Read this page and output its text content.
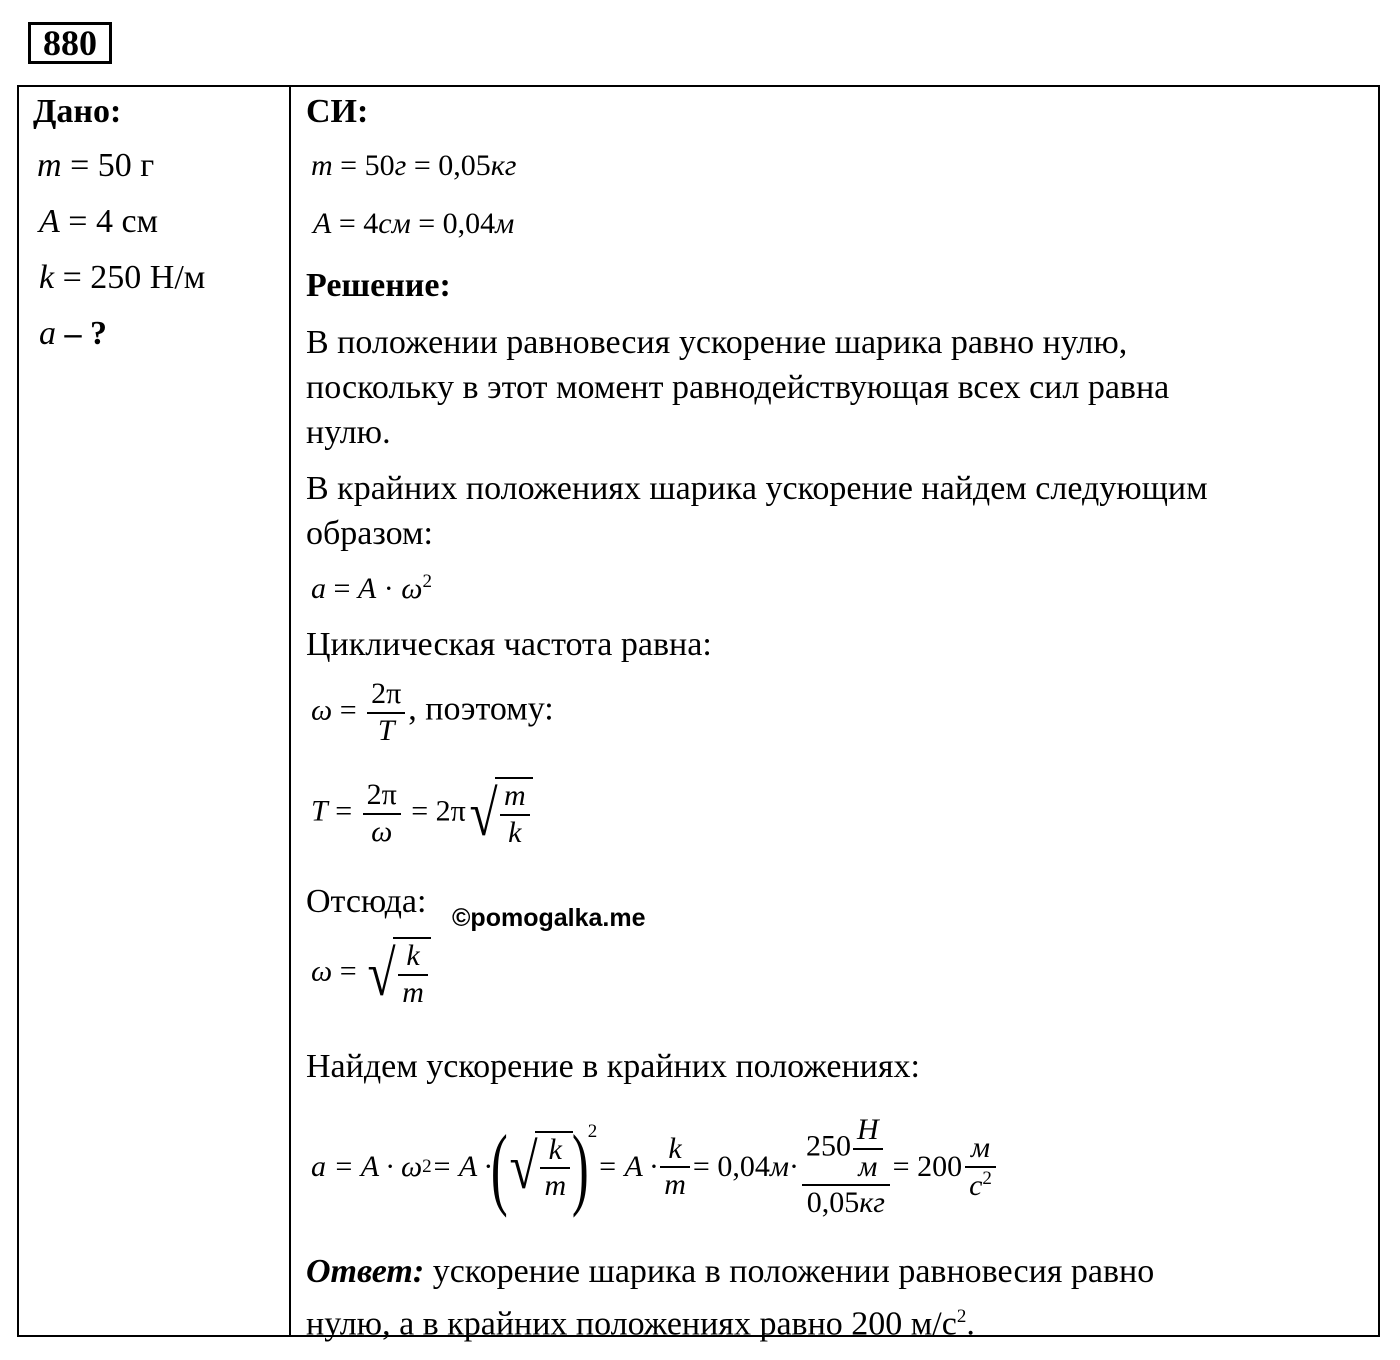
880
Дано:
m = 50 г
A = 4 см
k = 250 Н/м
a – ?
СИ:
m = 50г = 0,05кг
A = 4см = 0,04м
Решение:
В положении равновесия ускорение шарика равно нулю,
поскольку в этот момент равнодействующая всех сил равна
нулю.
В крайних положениях шарика ускорение найдем следующим
образом:
$a = A \cdot \omega^2$
Циклическая частота равна:
$\omega = \frac{2\pi}{T}$ , поэтому:
$T = \frac{2\pi}{\omega} = 2\pi√ \frac{m}{k}$
Отсюда: ©pomogalka.me
ω = √ $\frac{k}{m}$
Найдем ускорение в крайних положениях:
a = A · ω 2 = A ·
( √ $\frac{k}{m}$ )
2
= $A \cdot \frac{k}{m} = 0,04$ $м \cdot \frac{250 \frac{Н}{м}}{0,05кг} = 200 \frac{м}{с^2}$
Ответ: ускорение шарика в положении равновесия равно
нулю, а в крайних положениях равно 200 $м/с^2$.
